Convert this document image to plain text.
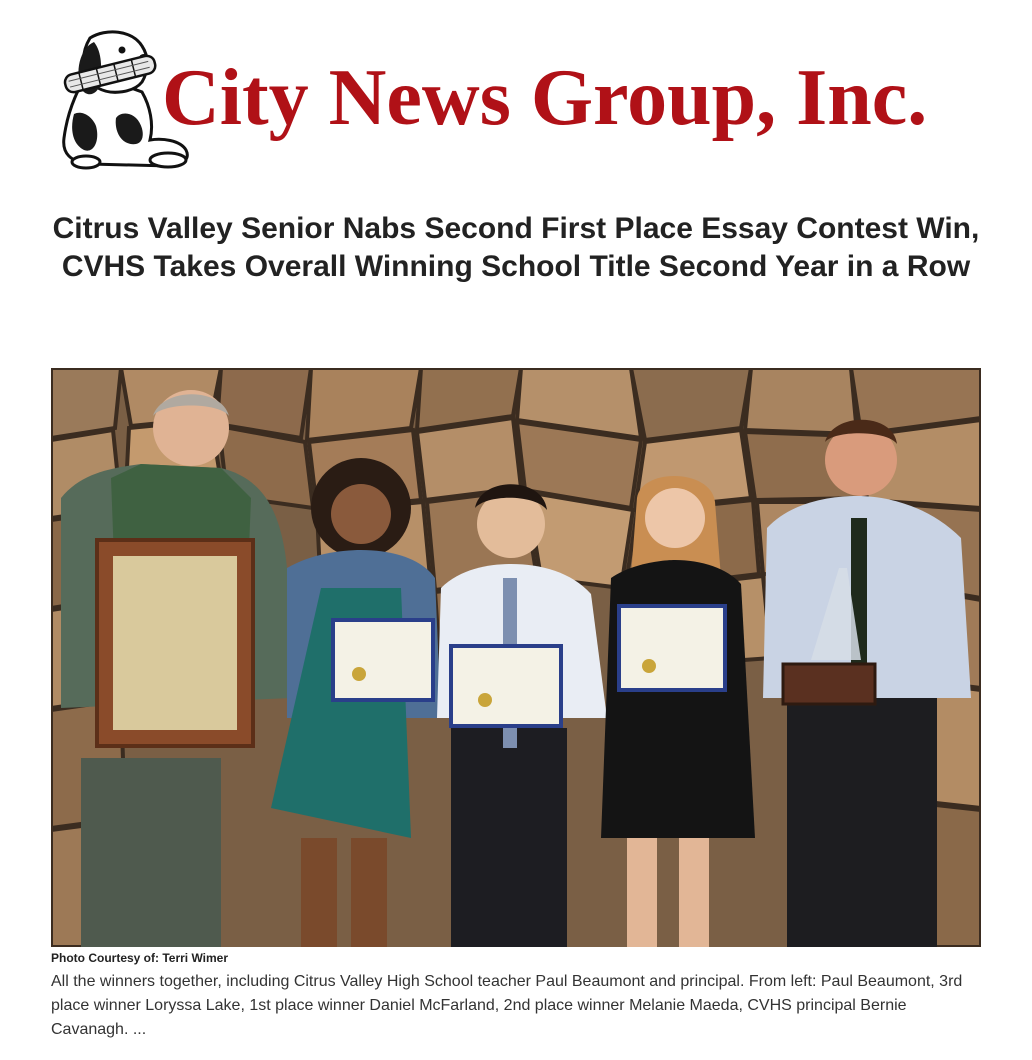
City News Group, Inc.
Citrus Valley Senior Nabs Second First Place Essay Contest Win, CVHS Takes Overall Winning School Title Second Year in a Row
Photo Courtesy of: Terri Wimer

All the winners together, including Citrus Valley High School teacher Paul Beaumont and principal. From left: Paul Beaumont, 3rd place winner Loryssa Lake, 1st place winner Daniel McFarland, 2nd place winner Melanie Maeda, CVHS principal Bernie Cavanagh. ...
